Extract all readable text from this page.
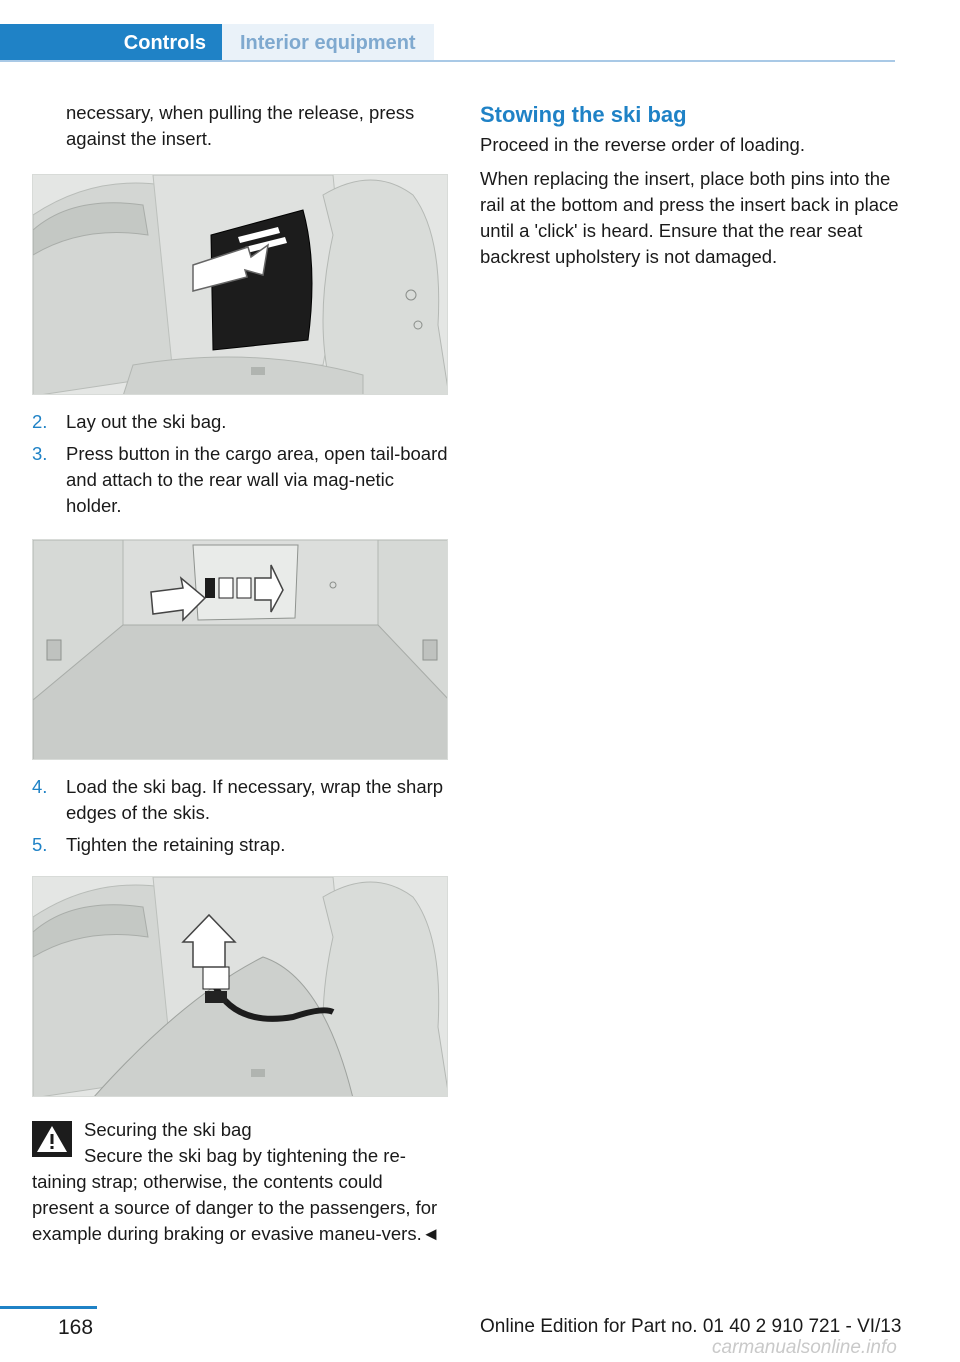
Controls	Interior equipment

necessary, when pulling the release, press against the insert.

2.	Lay out the ski bag.
3.	Press button in the cargo area, open tail‐board and attach to the rear wall via mag‐netic holder.
4.	Load the ski bag. If necessary, wrap the sharp edges of the skis.
5.	Tighten the retaining strap.
Securing the ski bag
Secure the ski bag by tightening the re‐
taining strap; otherwise, the contents could present a source of danger to the passengers, for example during braking or evasive maneu‐vers.◄
Stowing the ski bag

Proceed in the reverse order of loading.

When replacing the insert, place both pins into the rail at the bottom and press the insert back in place until a 'click' is heard. Ensure that the rear seat backrest upholstery is not damaged.

168	Online Edition for Part no. 01 40 2 910 721 - VI/13
carmanualsonline.info
